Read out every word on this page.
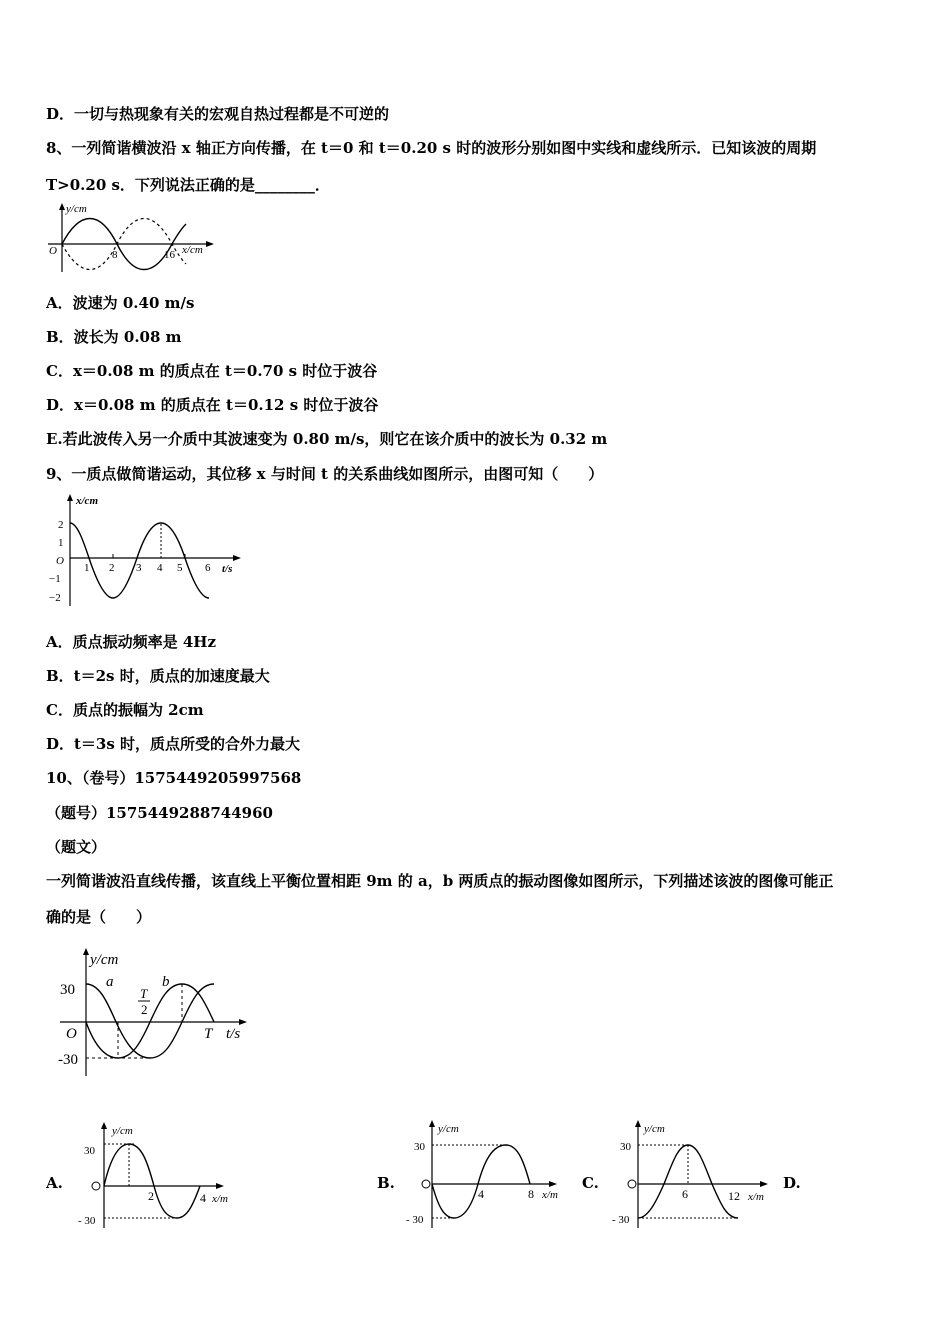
D．一切与热现象有关的宏观自热过程都是不可逆的
8、一列简谐横波沿 x 轴正方向传播，在 t＝0 和 t＝0.20 s 时的波形分别如图中实线和虚线所示．已知该波的周期
T>0.20 s．下列说法正确的是________．
y/cm
x/cm
O	8	16
A．波速为 0.40 m/s
B．波长为 0.08 m
C．x＝0.08 m 的质点在 t＝0.70 s 时位于波谷
D．x＝0.08 m 的质点在 t＝0.12 s 时位于波谷
E.若此波传入另一介质中其波速变为 0.80 m/s，则它在该介质中的波长为 0.32 m
9、一质点做简谐运动，其位移 x 与时间 t 的关系曲线如图所示，由图可知（　　）
x/cm
t/s
O
2
1
−1
−2
1 2 3 4 5 6
A．质点振动频率是 4Hz
B．t＝2s 时，质点的加速度最大
C．质点的振幅为 2cm
D．t＝3s 时，质点所受的合外力最大
10、（卷号）1575449205997568
（题号）1575449288744960
（题文）
一列简谐波沿直线传播，该直线上平衡位置相距 9m 的 a，b 两质点的振动图像如图所示，下列描述该波的图像可能正
确的是（　　）
y/cm
t/s
O
30
-30
a	b
T
2
T
A.
y/cm
30
- 30
2	4 x/m
B.
y/cm
30
- 30
4	8 x/m
C.
y/cm
30
- 30
6	12 x/m
D.
